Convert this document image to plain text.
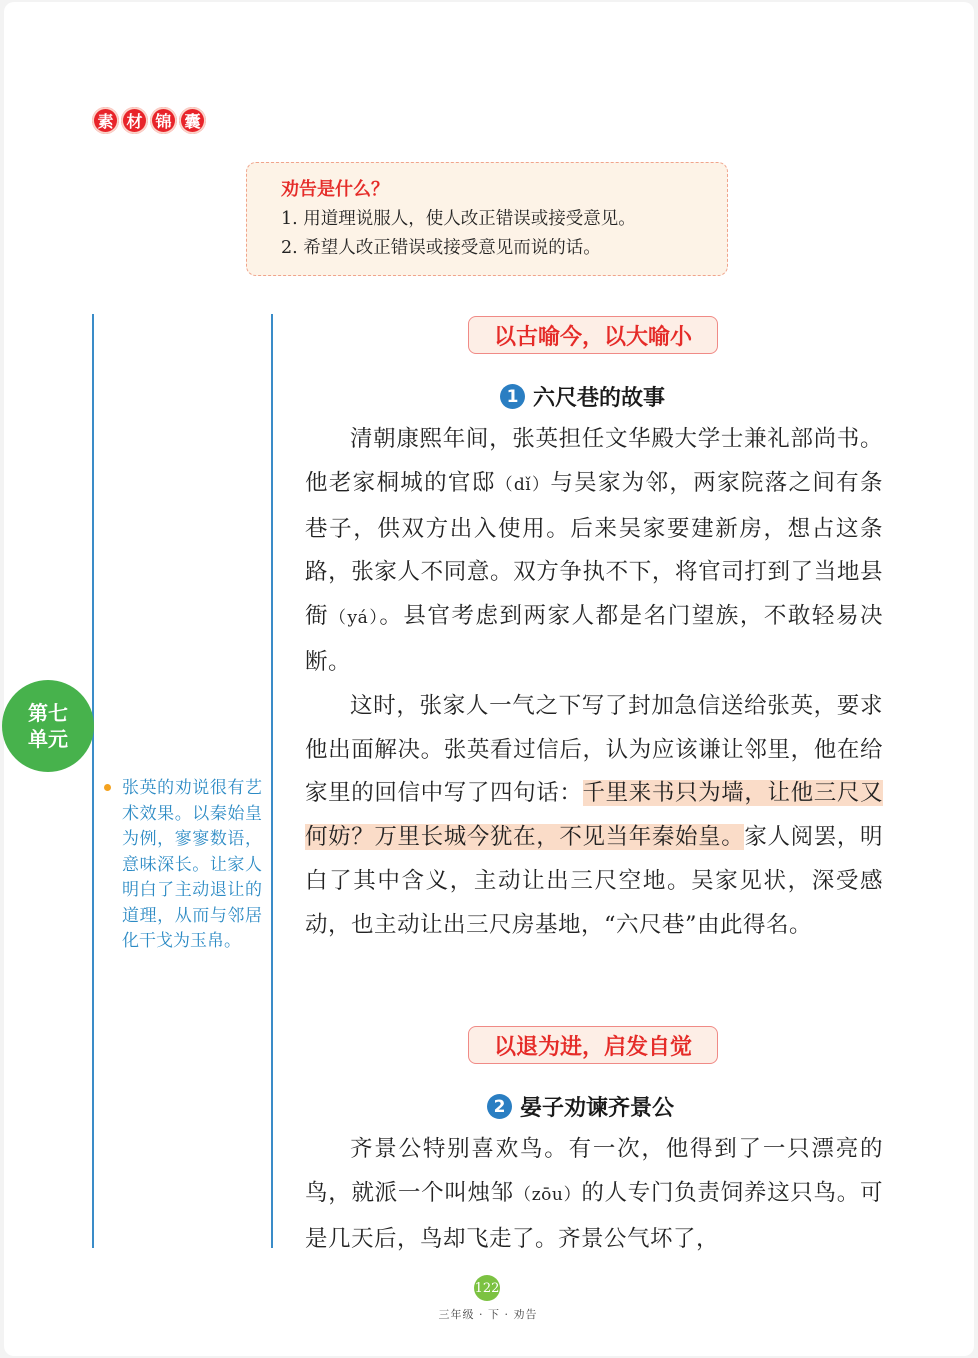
素 材 锦 囊
劝告是什么？
1. 用道理说服人，使人改正错误或接受意见。
2. 希望人改正错误或接受意见而说的话。
第七
单元
张英的劝说很有艺术效果。以秦始皇为例，寥寥数语，意味深长。让家人明白了主动退让的道理，从而与邻居化干戈为玉帛。
以古喻今，以大喻小
1 六尺巷的故事

清朝康熙年间，张英担任文华殿大学士兼礼部尚书。他老家桐城的官邸（dǐ）与吴家为邻，两家院落之间有条巷子，供双方出入使用。后来吴家要建新房，想占这条路，张家人不同意。双方争执不下，将官司打到了当地县衙（yá）。县官考虑到两家人都是名门望族，不敢轻易决断。

这时，张家人一气之下写了封加急信送给张英，要求他出面解决。张英看过信后，认为应该谦让邻里，他在给家里的回信中写了四句话：千里来书只为墙，让他三尺又何妨？万里长城今犹在，不见当年秦始皇。家人阅罢，明白了其中含义，主动让出三尺空地。吴家见状，深受感动，也主动让出三尺房基地，“六尺巷”由此得名。

以退为进，启发自觉
2 晏子劝谏齐景公

齐景公特别喜欢鸟。有一次，他得到了一只漂亮的鸟，就派一个叫烛邹（zōu）的人专门负责饲养这只鸟。可是几天后，鸟却飞走了。齐景公气坏了，

122
三年级 · 下 · 劝告
